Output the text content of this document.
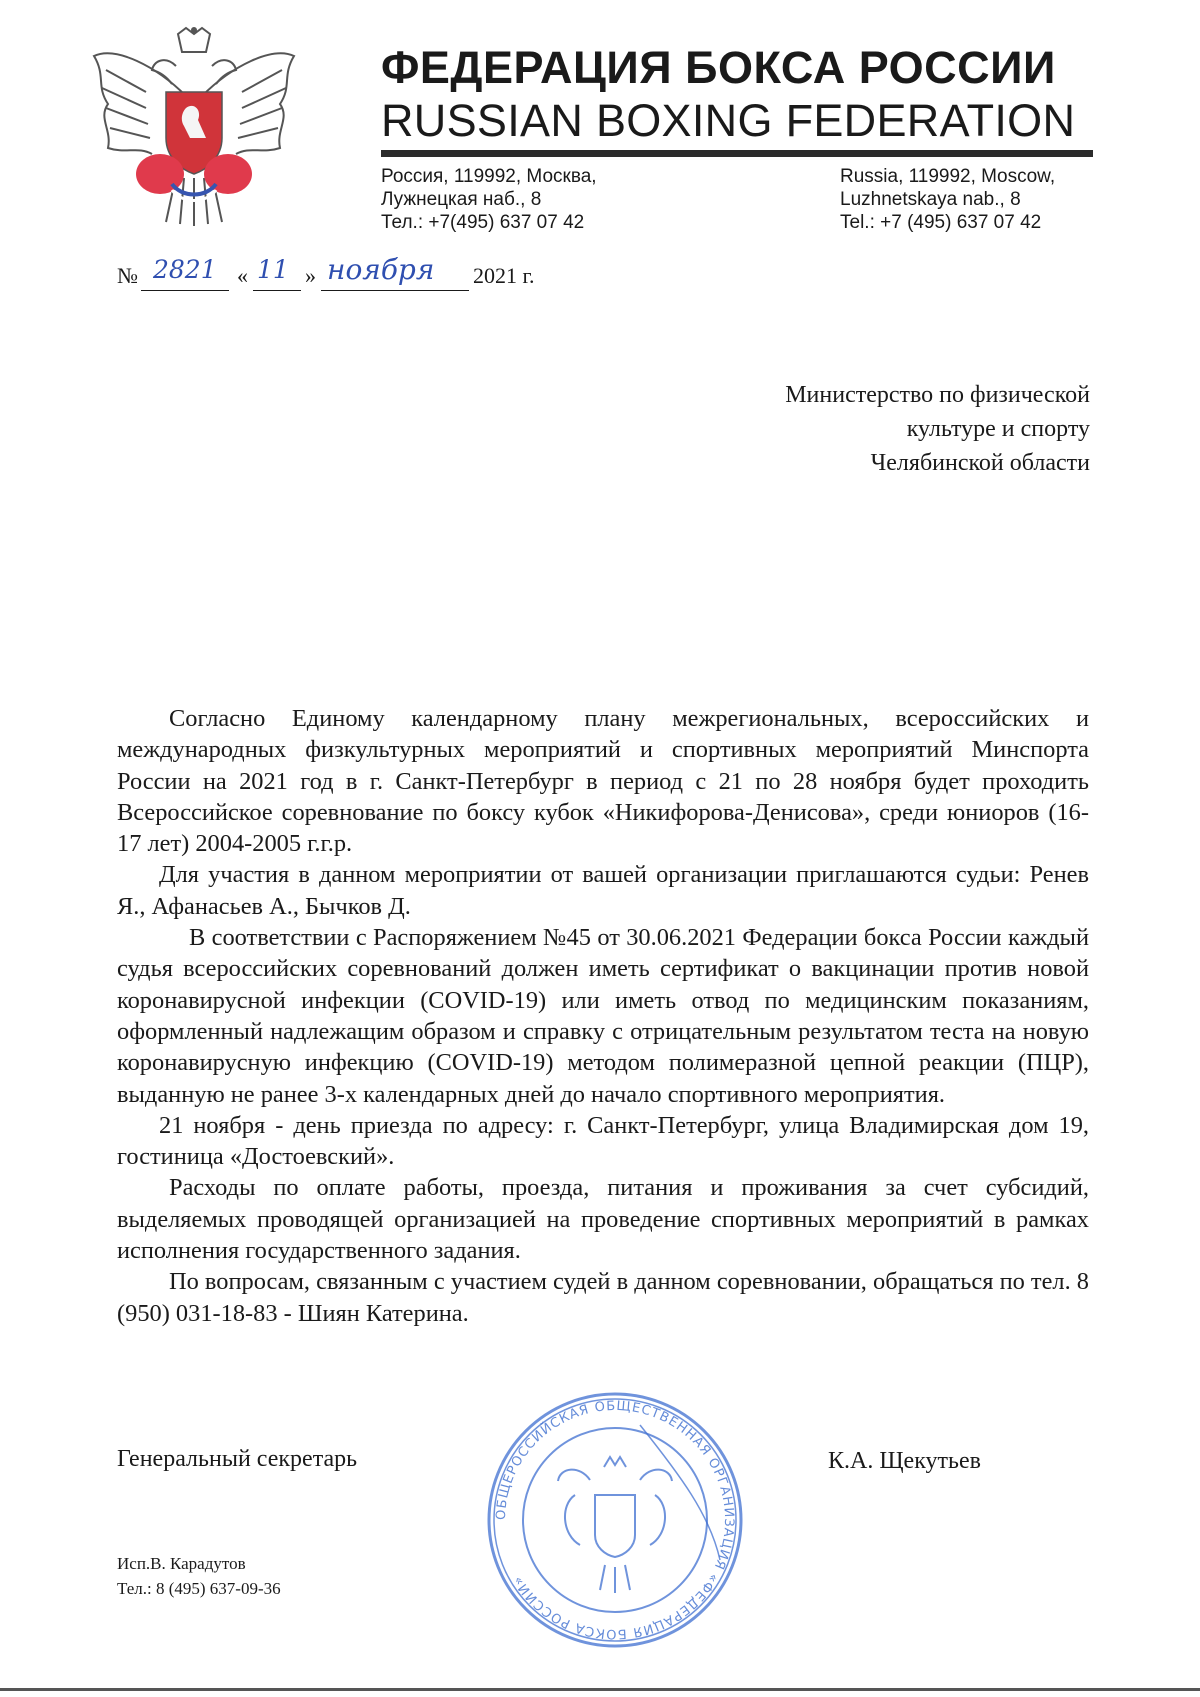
ФЕДЕРАЦИЯ БОКСА РОССИИ
RUSSIAN BOXING FEDERATION
Россия, 119992, Москва,
Лужнецкая наб., 8
Тел.: +7(495) 637 07 42
Russia, 119992, Moscow,
Luzhnetskaya nab., 8
Tel.: +7 (495) 637 07 42
№ 2821 « 11 » ноября 2021 г.
Министерство по физической
культуре и спорту
Челябинской области

Согласно Единому календарному плану межрегиональных, всероссийских и международных физкультурных мероприятий и спортивных мероприятий Минспорта России на 2021 год в г. Санкт-Петербург в период с 21 по 28 ноября будет проходить Всероссийское соревнование по боксу кубок «Никифорова-Денисова», среди юниоров (16-17 лет) 2004-2005 г.г.р.

Для участия в данном мероприятии от вашей организации приглашаются судьи: Ренев Я., Афанасьев А., Бычков Д.

В соответствии с Распоряжением №45 от 30.06.2021 Федерации бокса России каждый судья всероссийских соревнований должен иметь сертификат о вакцинации против новой коронавирусной инфекции (COVID-19) или иметь отвод по медицинским показаниям, оформленный надлежащим образом и справку с отрицательным результатом теста на новую коронавирусную инфекцию (COVID-19) методом полимеразной цепной реакции (ПЦР), выданную не ранее 3-х календарных дней до начало спортивного мероприятия.

21 ноября - день приезда по адресу: г. Санкт-Петербург, улица Владимирская дом 19, гостиница «Достоевский».

Расходы по оплате работы, проезда, питания и проживания за счет субсидий, выделяемых проводящей организацией на проведение спортивных мероприятий в рамках исполнения государственного задания.

По вопросам, связанным с участием судей в данном соревновании, обращаться по тел. 8 (950) 031-18-83 - Шиян Катерина.

ОБЩЕРОССИЙСКАЯ ОБЩЕСТВЕННАЯ ОРГАНИЗАЦИЯ «ФЕДЕРАЦИЯ БОКСА РОССИИ»
Генеральный секретарь	К.А. Щекутьев
Исп.В. Карадутов
Тел.: 8 (495) 637-09-36
